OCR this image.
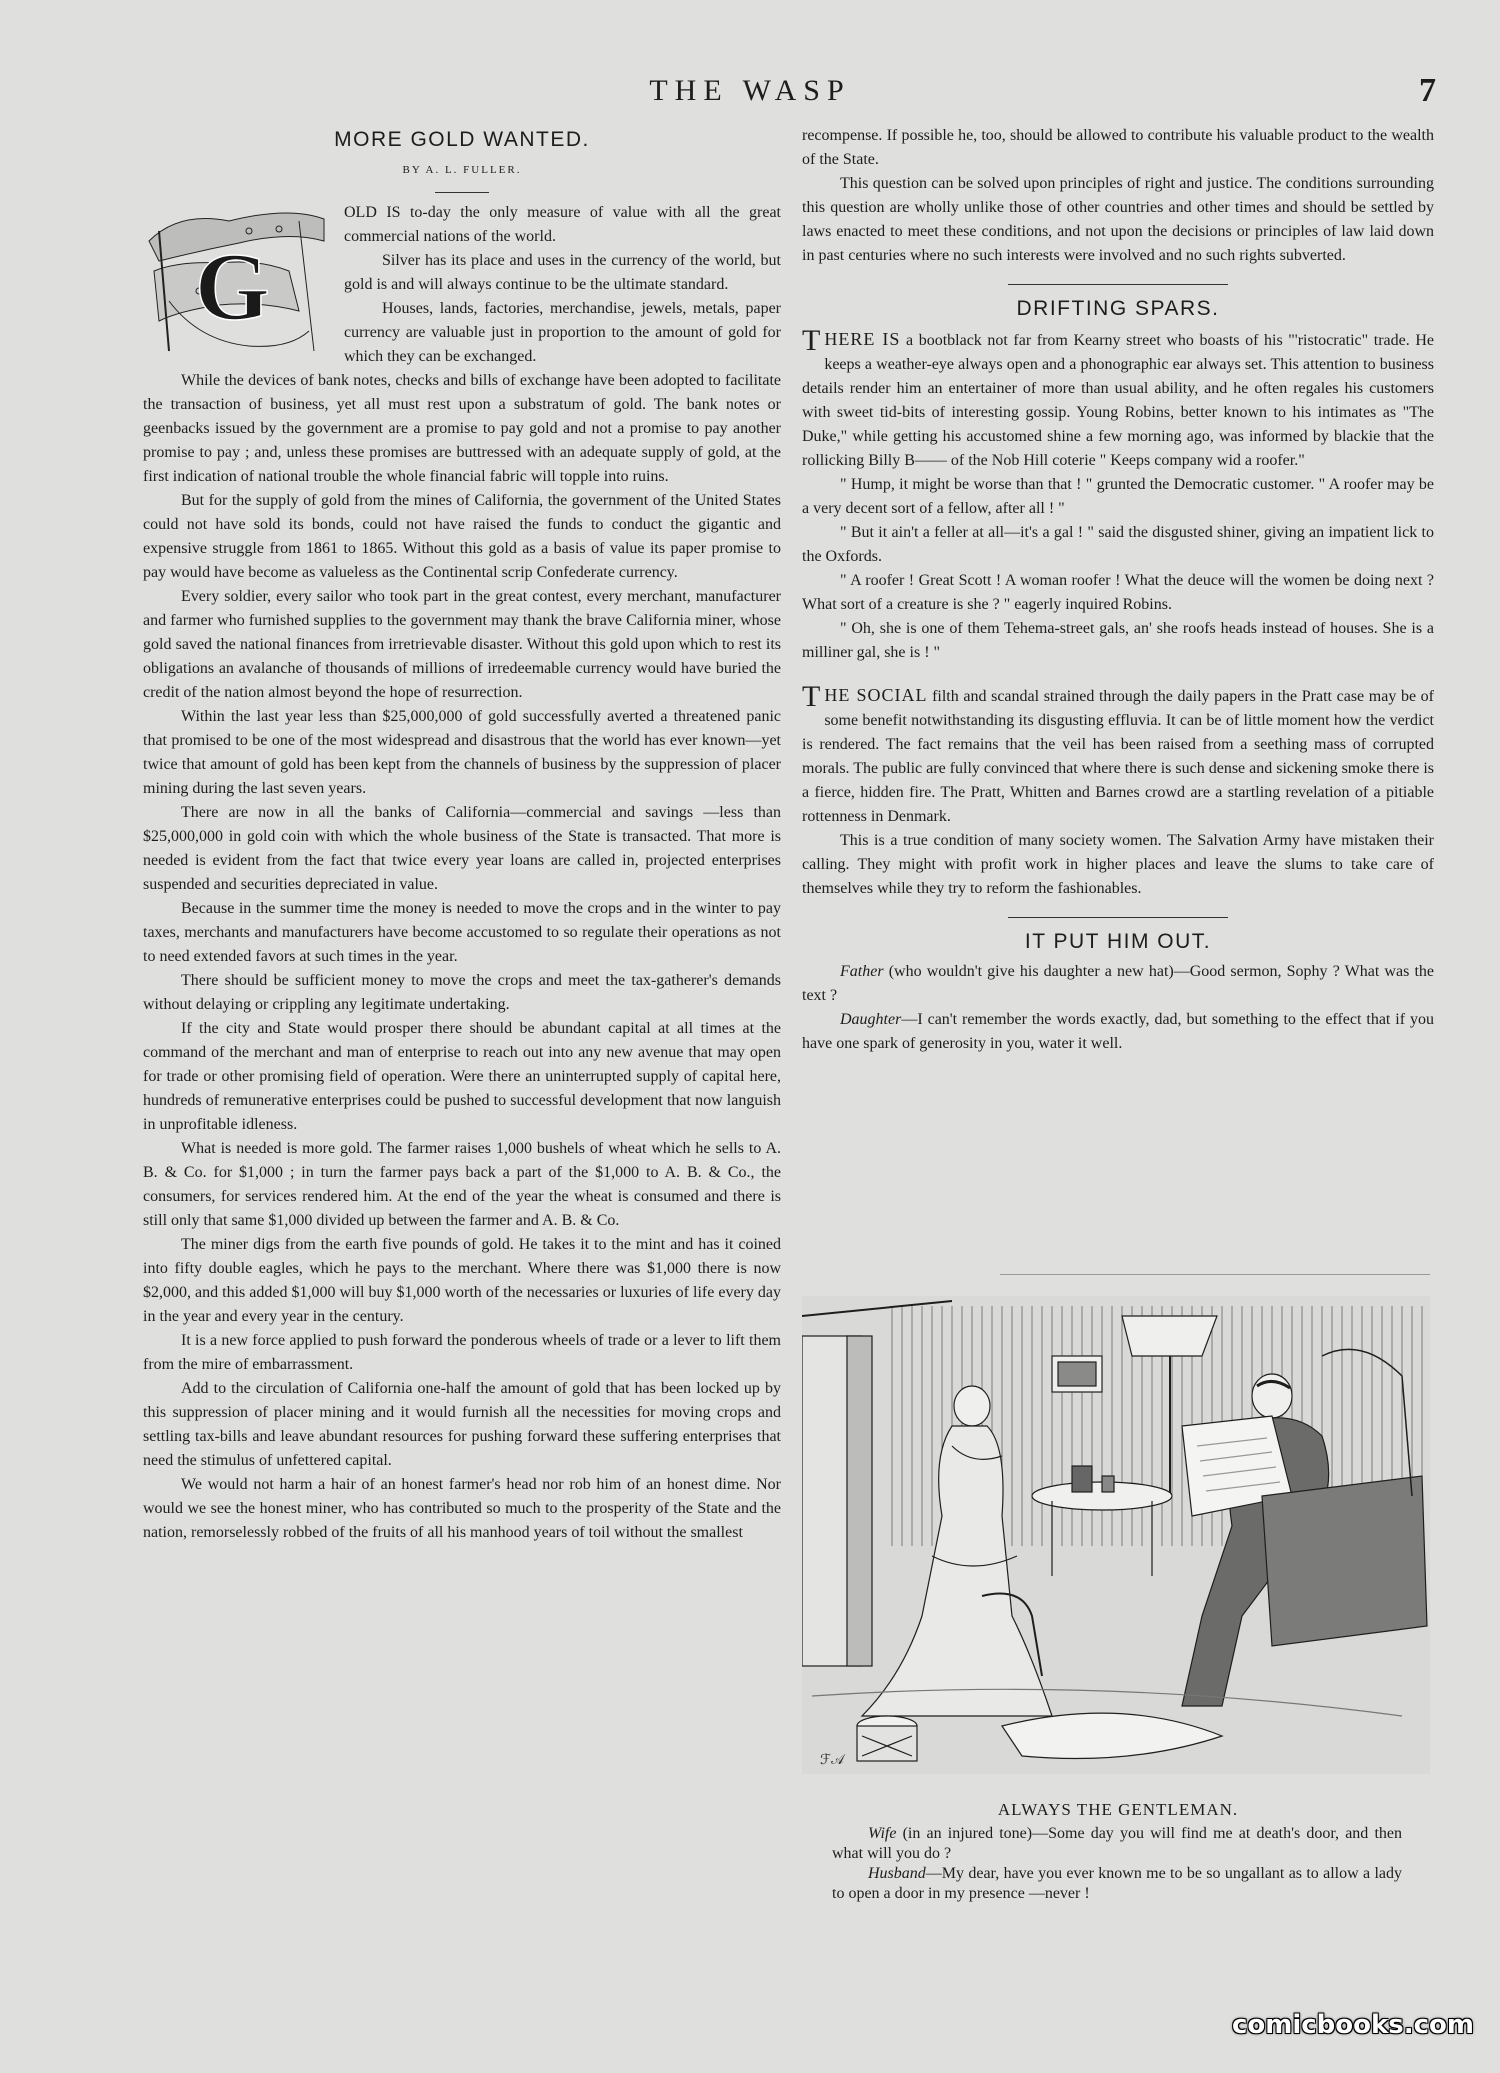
THE WASP	7
MORE GOLD WANTED.
BY A. L. FULLER.
G

OLD IS to-day the only measure of value with all the great commercial nations of the world.

Silver has its place and uses in the currency of the world, but gold is and will always continue to be the ultimate standard.

Houses, lands, factories, merchandise, jewels, metals, paper currency are valuable just in proportion to the amount of gold for which they can be exchanged.

While the devices of bank notes, checks and bills of exchange have been adopted to facilitate the transaction of business, yet all must rest upon a substratum of gold. The bank notes or geenbacks issued by the government are a promise to pay gold and not a promise to pay another promise to pay ; and, unless these promises are buttressed with an adequate supply of gold, at the first indication of national trouble the whole financial fabric will topple into ruins.

But for the supply of gold from the mines of California, the government of the United States could not have sold its bonds, could not have raised the funds to conduct the gigantic and expensive struggle from 1861 to 1865. Without this gold as a basis of value its paper promise to pay would have become as valueless as the Continental scrip Confederate currency.

Every soldier, every sailor who took part in the great contest, every merchant, manufacturer and farmer who furnished supplies to the government may thank the brave California miner, whose gold saved the national finances from irretrievable disaster. Without this gold upon which to rest its obligations an avalanche of thousands of millions of irredeemable currency would have buried the credit of the nation almost beyond the hope of resurrection.

Within the last year less than $25,000,000 of gold successfully averted a threatened panic that promised to be one of the most widespread and disastrous that the world has ever known—yet twice that amount of gold has been kept from the channels of business by the suppression of placer mining during the last seven years.

There are now in all the banks of California—commercial and savings —less than $25,000,000 in gold coin with which the whole business of the State is transacted. That more is needed is evident from the fact that twice every year loans are called in, projected enterprises suspended and securities depreciated in value.

Because in the summer time the money is needed to move the crops and in the winter to pay taxes, merchants and manufacturers have become accustomed to so regulate their operations as not to need extended favors at such times in the year.

There should be sufficient money to move the crops and meet the tax-gatherer's demands without delaying or crippling any legitimate undertaking.

If the city and State would prosper there should be abundant capital at all times at the command of the merchant and man of enterprise to reach out into any new avenue that may open for trade or other promising field of operation. Were there an uninterrupted supply of capital here, hundreds of remunerative enterprises could be pushed to successful development that now languish in unprofitable idleness.

What is needed is more gold. The farmer raises 1,000 bushels of wheat which he sells to A. B. & Co. for $1,000 ; in turn the farmer pays back a part of the $1,000 to A. B. & Co., the consumers, for services rendered him. At the end of the year the wheat is consumed and there is still only that same $1,000 divided up between the farmer and A. B. & Co.

The miner digs from the earth five pounds of gold. He takes it to the mint and has it coined into fifty double eagles, which he pays to the merchant. Where there was $1,000 there is now $2,000, and this added $1,000 will buy $1,000 worth of the necessaries or luxuries of life every day in the year and every year in the century.

It is a new force applied to push forward the ponderous wheels of trade or a lever to lift them from the mire of embarrassment.

Add to the circulation of California one-half the amount of gold that has been locked up by this suppression of placer mining and it would furnish all the necessities for moving crops and settling tax-bills and leave abundant resources for pushing forward these suffering enterprises that need the stimulus of unfettered capital.

We would not harm a hair of an honest farmer's head nor rob him of an honest dime. Nor would we see the honest miner, who has contributed so much to the prosperity of the State and the nation, remorselessly robbed of the fruits of all his manhood years of toil without the smallest

recompense. If possible he, too, should be allowed to contribute his valuable product to the wealth of the State.

This question can be solved upon principles of right and justice. The conditions surrounding this question are wholly unlike those of other countries and other times and should be settled by laws enacted to meet these conditions, and not upon the decisions or principles of law laid down in past centuries where no such interests were involved and no such rights subverted.

DRIFTING SPARS.

THERE IS a bootblack not far from Kearny street who boasts of his "'ristocratic" trade. He keeps a weather-eye always open and a phonographic ear always set. This attention to business details render him an entertainer of more than usual ability, and he often regales his customers with sweet tid-bits of interesting gossip. Young Robins, better known to his intimates as "The Duke," while getting his accustomed shine a few morning ago, was informed by blackie that the rollicking Billy B—— of the Nob Hill coterie " Keeps company wid a roofer."

" Hump, it might be worse than that ! " grunted the Democratic customer. " A roofer may be a very decent sort of a fellow, after all ! "

" But it ain't a feller at all—it's a gal ! " said the disgusted shiner, giving an impatient lick to the Oxfords.

" A roofer ! Great Scott ! A woman roofer ! What the deuce will the women be doing next ? What sort of a creature is she ? " eagerly inquired Robins.

" Oh, she is one of them Tehema-street gals, an' she roofs heads instead of houses. She is a milliner gal, she is ! "

THE SOCIAL filth and scandal strained through the daily papers in the Pratt case may be of some benefit notwithstanding its disgusting effluvia. It can be of little moment how the verdict is rendered. The fact remains that the veil has been raised from a seething mass of corrupted morals. The public are fully convinced that where there is such dense and sickening smoke there is a fierce, hidden fire. The Pratt, Whitten and Barnes crowd are a startling revelation of a pitiable rottenness in Denmark.

This is a true condition of many society women. The Salvation Army have mistaken their calling. They might with profit work in higher places and leave the slums to take care of themselves while they try to reform the fashionables.

IT PUT HIM OUT.

Father (who wouldn't give his daughter a new hat)—Good sermon, Sophy ? What was the text ?

Daughter—I can't remember the words exactly, dad, but something to the effect that if you have one spark of generosity in you, water it well.

ℱ𝒜
ALWAYS THE GENTLEMAN.

Wife (in an injured tone)—Some day you will find me at death's door, and then what will you do ?

Husband—My dear, have you ever known me to be so ungallant as to allow a lady to open a door in my presence —never !

comicbooks.com
